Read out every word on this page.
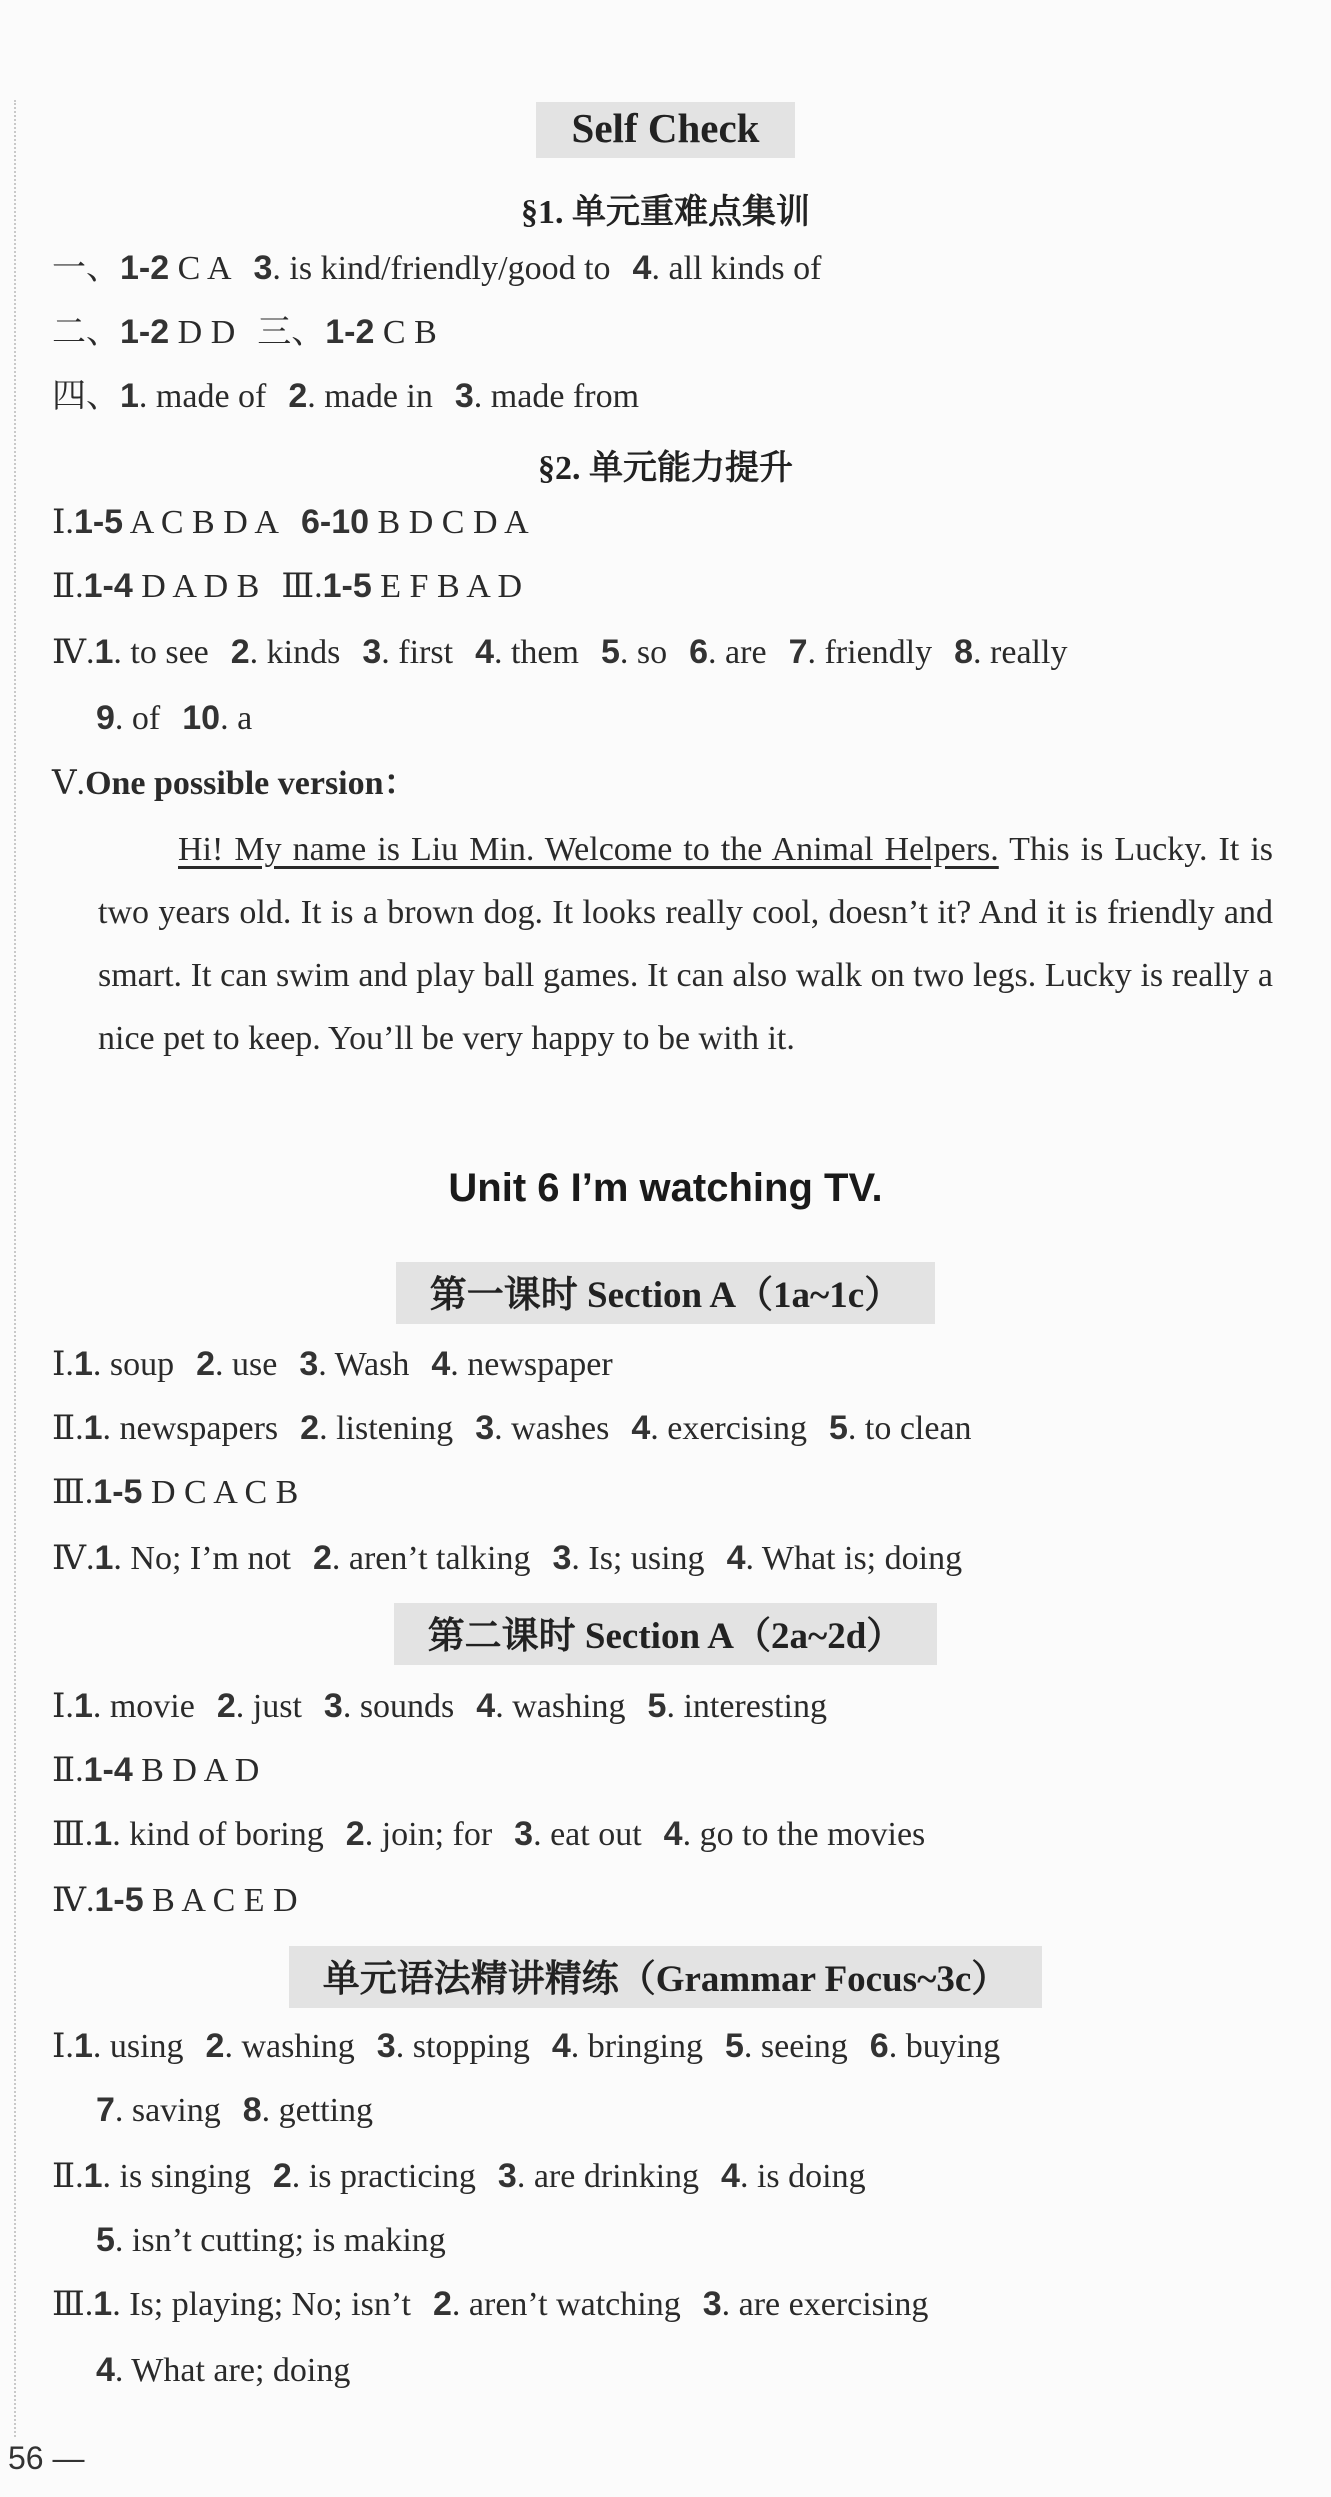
Self Check
§1. 单元重难点集训
一、1-2 C A 3. is kind/friendly/good to 4. all kinds of
二、1-2 D D 三、1-2 C B
四、1. made of 2. made in 3. made from
§2. 单元能力提升
Ⅰ.1-5 A C B D A 6-10 B D C D A
Ⅱ.1-4 D A D B Ⅲ.1-5 E F B A D
Ⅳ.1. to see 2. kinds 3. first 4. them 5. so 6. are 7. friendly 8. really
9. of 10. a
Ⅴ.One possible version：
Hi! My name is Liu Min. Welcome to the Animal Helpers. This is Lucky. It is two years old. It is a brown dog. It looks really cool, doesn’t it? And it is friendly and smart. It can swim and play ball games. It can also walk on two legs. Lucky is really a nice pet to keep. You’ll be very happy to be with it.
Unit 6 I’m watching TV.
第一课时 Section A（1a~1c）
Ⅰ.1. soup 2. use 3. Wash 4. newspaper
Ⅱ.1. newspapers 2. listening 3. washes 4. exercising 5. to clean
Ⅲ.1-5 D C A C B
Ⅳ.1. No; I’m not 2. aren’t talking 3. Is; using 4. What is; doing
第二课时 Section A（2a~2d）
Ⅰ.1. movie 2. just 3. sounds 4. washing 5. interesting
Ⅱ.1-4 B D A D
Ⅲ.1. kind of boring 2. join; for 3. eat out 4. go to the movies
Ⅳ.1-5 B A C E D
单元语法精讲精练（Grammar Focus~3c）
Ⅰ.1. using 2. washing 3. stopping 4. bringing 5. seeing 6. buying
7. saving 8. getting
Ⅱ.1. is singing 2. is practicing 3. are drinking 4. is doing
5. isn’t cutting; is making
Ⅲ.1. Is; playing; No; isn’t 2. aren’t watching 3. are exercising
4. What are; doing
56 —
